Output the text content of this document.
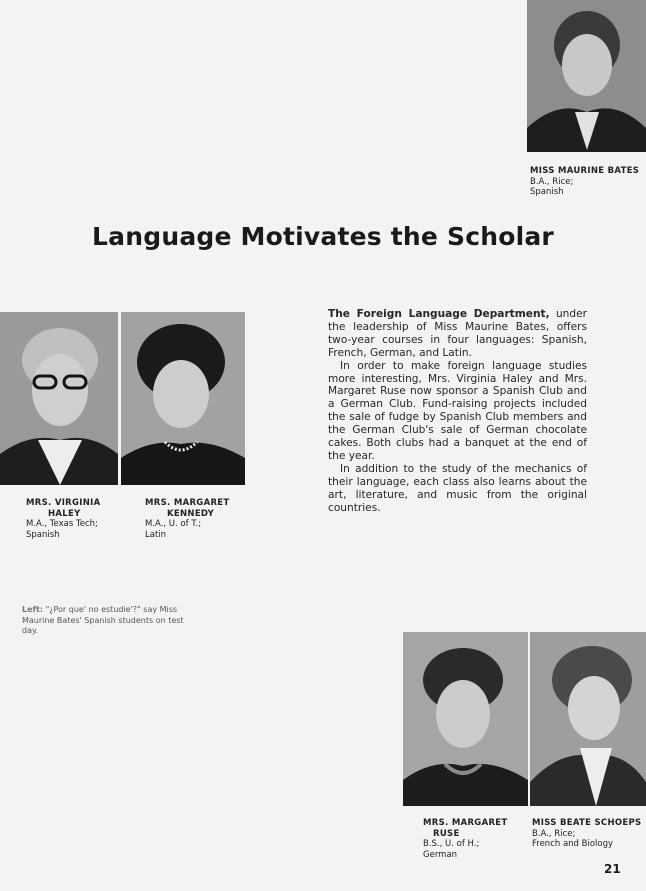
MISS MAURINE BATES
B.A., Rice;
Spanish
Language Motivates the Scholar
MRS. VIRGINIA
HALEY
M.A., Texas Tech;
Spanish
MRS. MARGARET
KENNEDY
M.A., U. of T.;
Latin

The Foreign Language Department, under the leadership of Miss Maurine Bates, offers two-year courses in four languages: Spanish, French, German, and Latin.

In order to make foreign language studies more interesting, Mrs. Virginia Haley and Mrs. Margaret Ruse now sponsor a Spanish Club and a German Club. Fund-raising projects included the sale of fudge by Spanish Club members and the German Club's sale of German chocolate cakes. Both clubs had a banquet at the end of the year.

In addition to the study of the mechanics of their language, each class also learns about the art, literature, and music from the original countries.

Left: "¿Por que' no estudie'?" say Miss Maurine Bates' Spanish students on test day.
MRS. MARGARET
RUSE
B.S., U. of H.;
German
MISS BEATE SCHOEPS
B.A., Rice;
French and Biology
21
